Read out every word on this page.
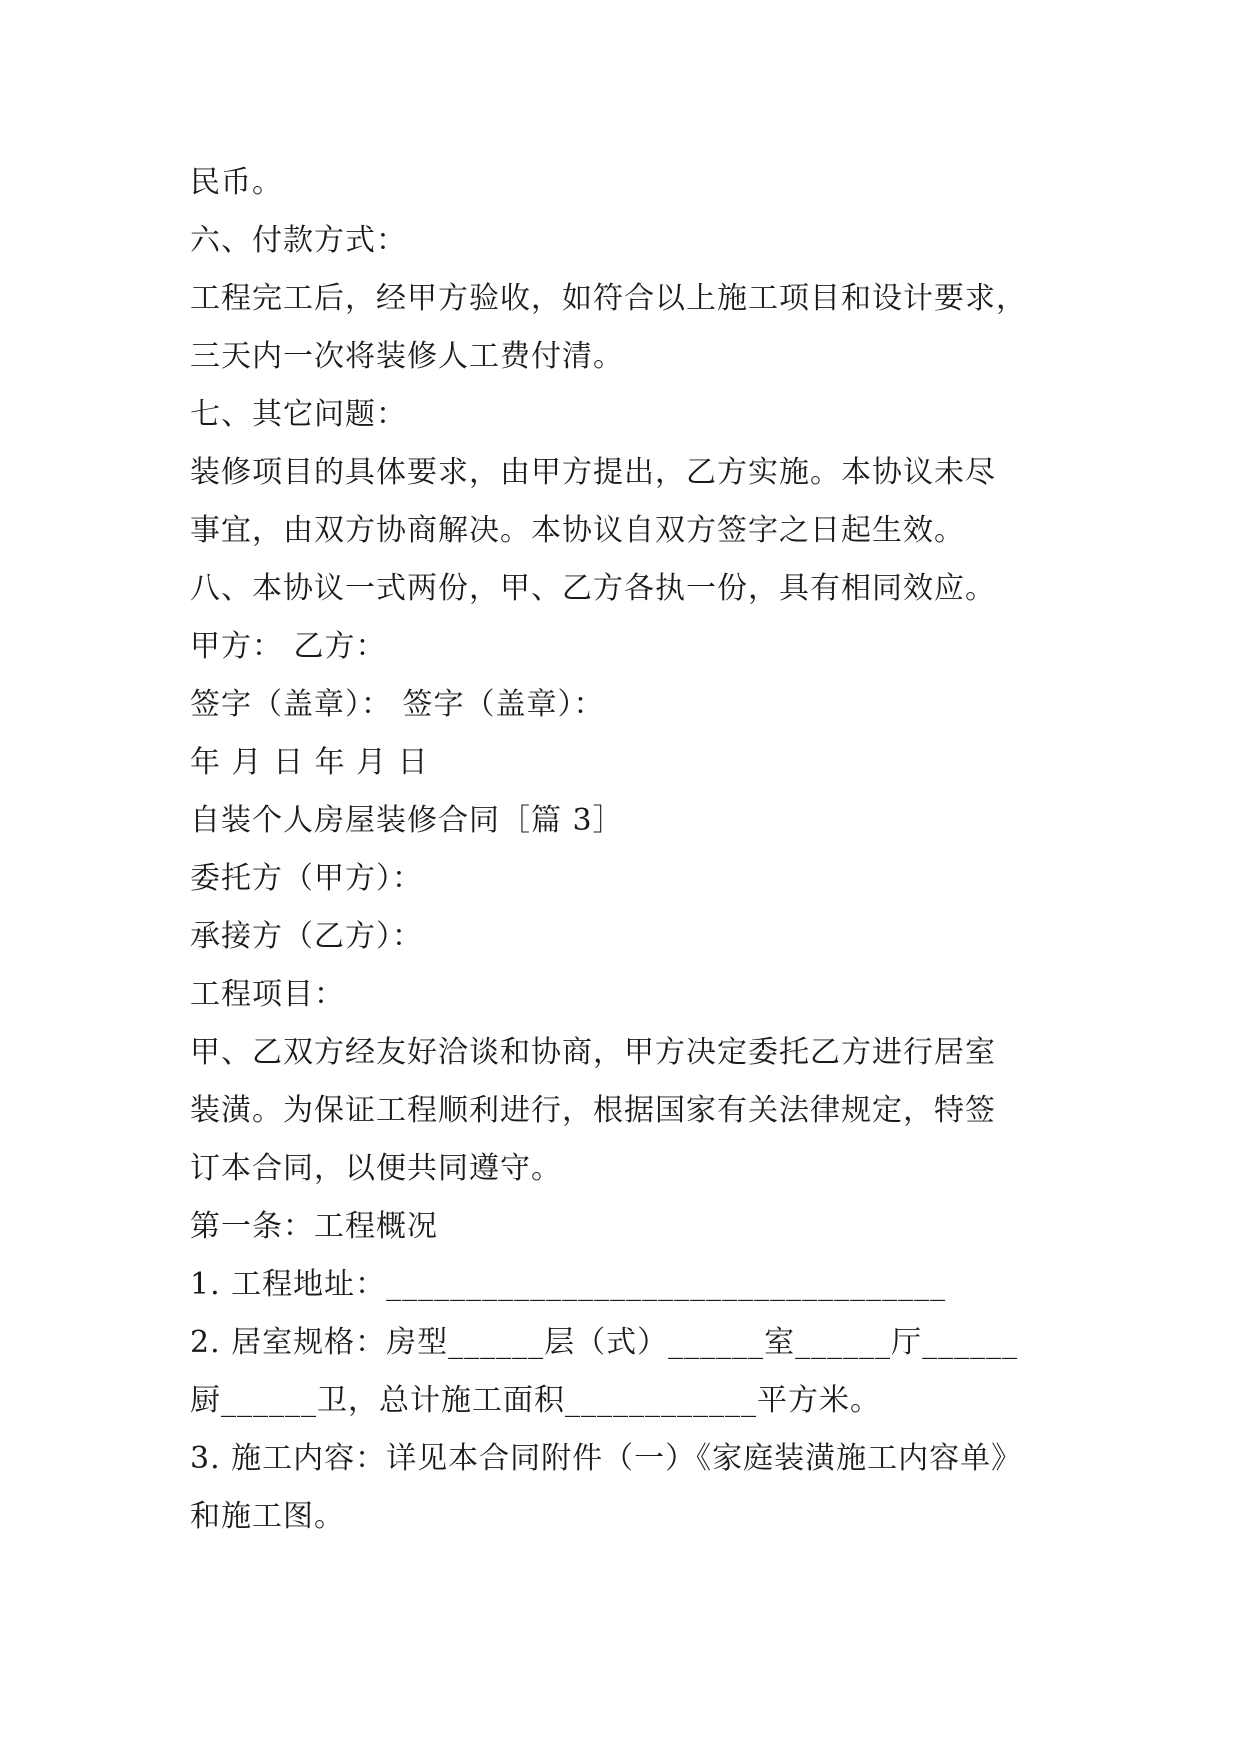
民币。
六、付款方式：
工程完工后，经甲方验收，如符合以上施工项目和设计要求，
三天内一次将装修人工费付清。
七、其它问题：
装修项目的具体要求，由甲方提出，乙方实施。本协议未尽
事宜，由双方协商解决。本协议自双方签字之日起生效。
八、本协议一式两份，甲、乙方各执一份，具有相同效应。
甲方： 乙方：
签字（盖章）： 签字（盖章）：
年 月 日 年 月 日
自装个人房屋装修合同［篇 3］
委托方（甲方）：
承接方（乙方）：
工程项目：
甲、乙双方经友好洽谈和协商，甲方决定委托乙方进行居室
装潢。为保证工程顺利进行，根据国家有关法律规定，特签
订本合同，以便共同遵守。
第一条：工程概况
1. 工程地址：___________________________________
2. 居室规格：房型______层（式）______室______厅______
厨______卫，总计施工面积____________平方米。
3. 施工内容：详见本合同附件（一）《家庭装潢施工内容单》
和施工图。
